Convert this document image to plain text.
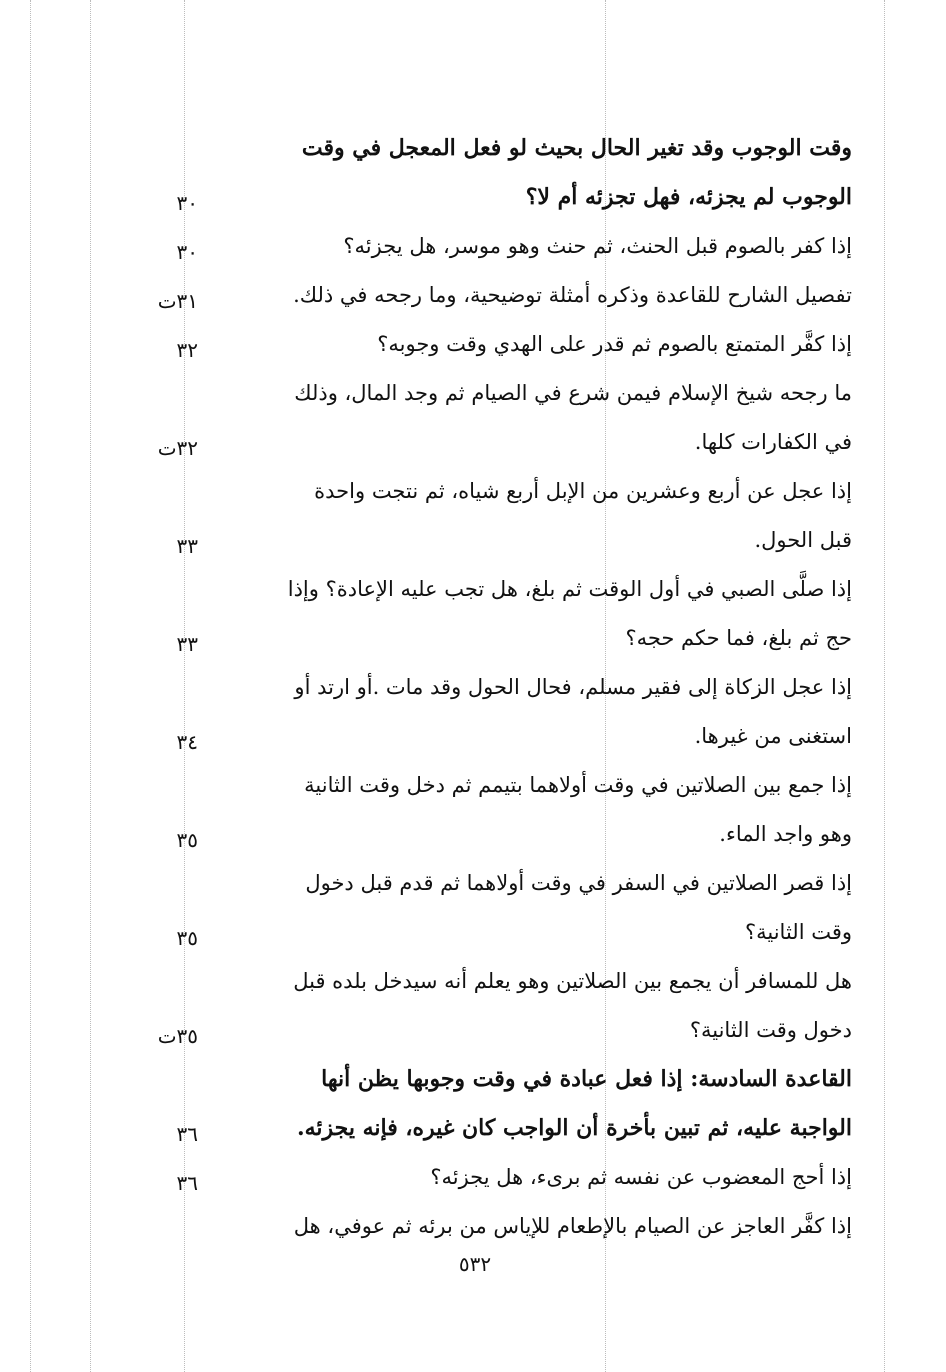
وقت الوجوب وقد تغير الحال بحيث لو فعل المعجل في وقت
الوجوب لم يجزئه، فهل تجزئه أم لا؟
٣٠
إذا كفر بالصوم قبل الحنث، ثم حنث وهو موسر، هل يجزئه؟
٣٠
تفصيل الشارح للقاعدة وذكره أمثلة توضيحية، وما رجحه في ذلك.
٣١ت
إذا كفَّر المتمتع بالصوم ثم قدر على الهدي وقت وجوبه؟
٣٢
ما رجحه شيخ الإسلام فيمن شرع في الصيام ثم وجد المال، وذلك
في الكفارات كلها.
٣٢ت
إذا عجل عن أربع وعشرين من الإبل أربع شياه، ثم نتجت واحدة
قبل الحول.
٣٣
إذا صلَّى الصبي في أول الوقت ثم بلغ، هل تجب عليه الإعادة؟ وإذا
حج ثم بلغ، فما حكم حجه؟
٣٣
إذا عجل الزكاة إلى فقير مسلم، فحال الحول وقد مات .أو ارتد أو
استغنى من غيرها.
٣٤
إذا جمع بين الصلاتين في وقت أولاهما بتيمم ثم دخل وقت الثانية
وهو واجد الماء.
٣٥
إذا قصر الصلاتين في السفر في وقت أولاهما ثم قدم قبل دخول
وقت الثانية؟
٣٥
هل للمسافر أن يجمع بين الصلاتين وهو يعلم أنه سيدخل بلده قبل
دخول وقت الثانية؟
٣٥ت
القاعدة السادسة: إذا فعل عبادة في وقت وجوبها يظن أنها
الواجبة عليه، ثم تبين بأخرة أن الواجب كان غيره، فإنه يجزئه.
٣٦
إذا أحج المعضوب عن نفسه ثم برىء، هل يجزئه؟
٣٦
إذا كفَّر العاجز عن الصيام بالإطعام للإياس من برئه ثم عوفي، هل
٥٣٢
